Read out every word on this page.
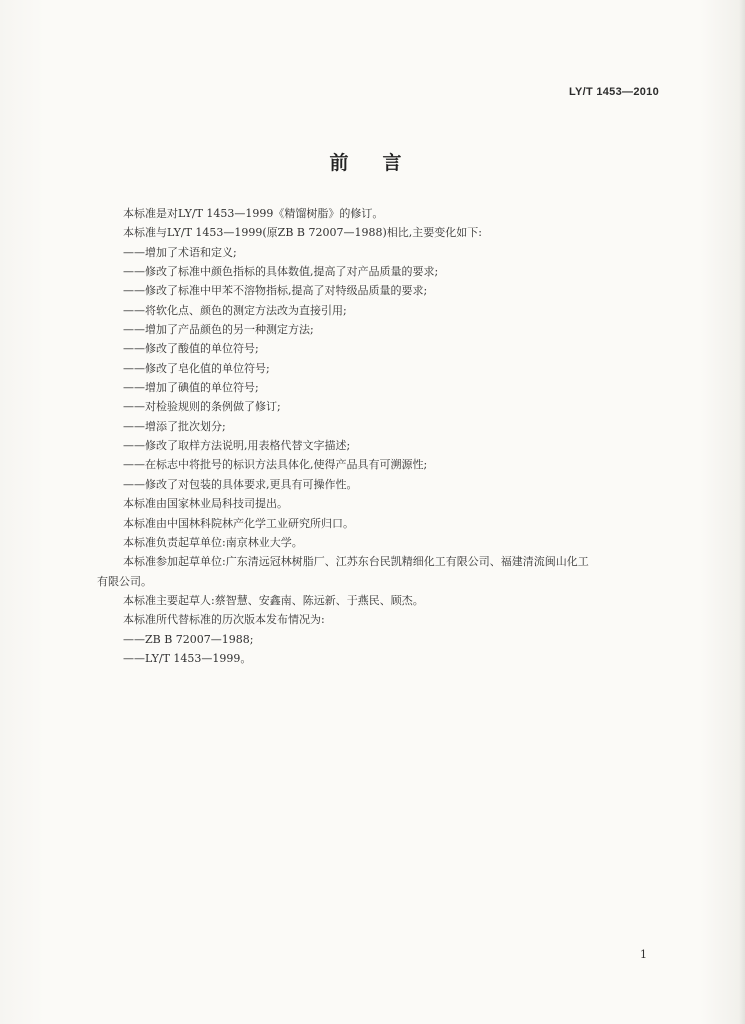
LY/T 1453—2010
前言
本标准是对LY/T 1453—1999《精馏树脂》的修订。
本标准与LY/T 1453—1999(原ZB B 72007—1988)相比,主要变化如下:
——增加了术语和定义;
——修改了标准中颜色指标的具体数值,提高了对产品质量的要求;
——修改了标准中甲苯不溶物指标,提高了对特级品质量的要求;
——将软化点、颜色的测定方法改为直接引用;
——增加了产品颜色的另一种测定方法;
——修改了酸值的单位符号;
——修改了皂化值的单位符号;
——增加了碘值的单位符号;
——对检验规则的条例做了修订;
——增添了批次划分;
——修改了取样方法说明,用表格代替文字描述;
——在标志中将批号的标识方法具体化,使得产品具有可溯源性;
——修改了对包装的具体要求,更具有可操作性。
本标准由国家林业局科技司提出。
本标准由中国林科院林产化学工业研究所归口。
本标准负责起草单位:南京林业大学。
本标准参加起草单位:广东清远冠林树脂厂、江苏东台民凯精细化工有限公司、福建清流闽山化工
有限公司。
本标准主要起草人:蔡智慧、安鑫南、陈远新、于燕民、顾杰。
本标准所代替标准的历次版本发布情况为:
——ZB B 72007—1988;
——LY/T 1453—1999。
1
